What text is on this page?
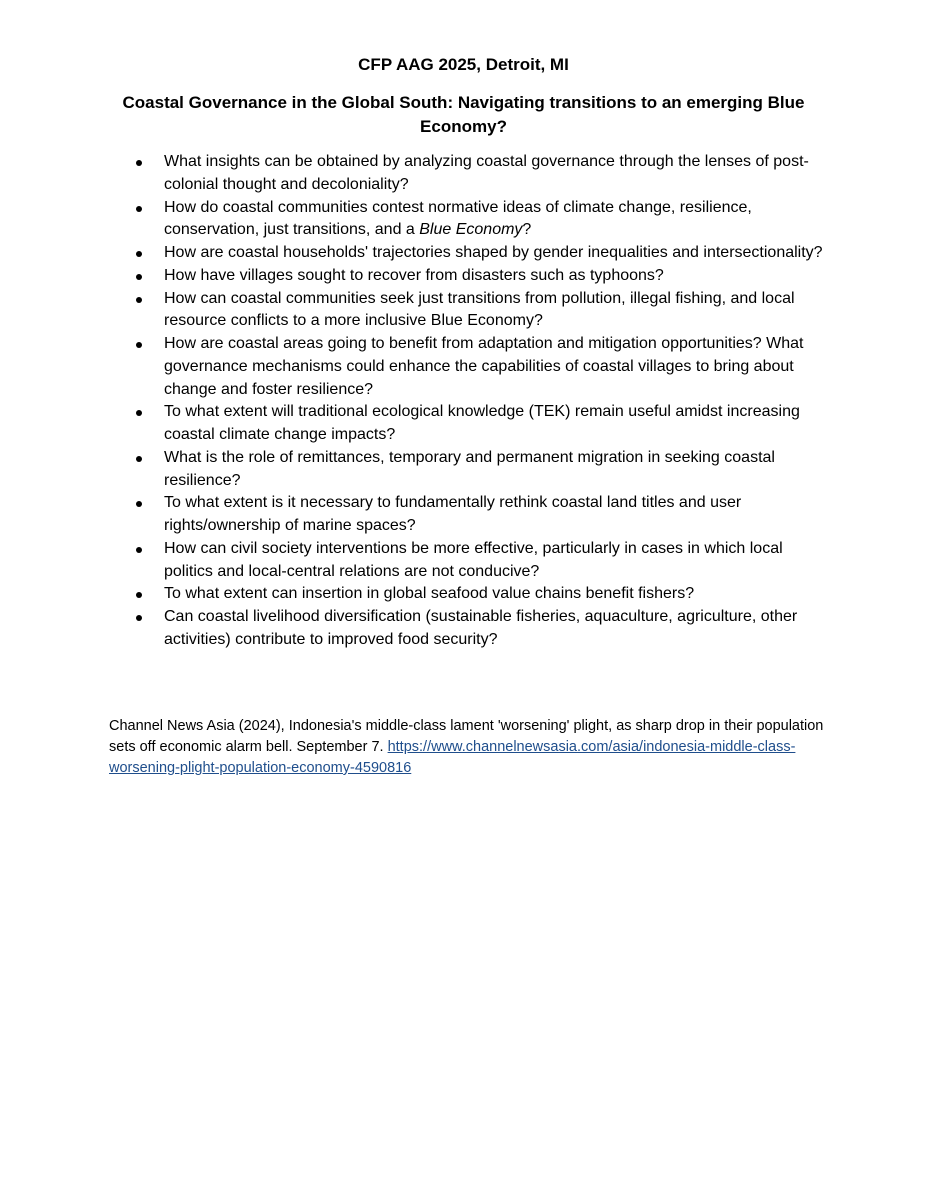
CFP AAG 2025, Detroit, MI
Coastal Governance in the Global South: Navigating transitions to an emerging Blue Economy?
What insights can be obtained by analyzing coastal governance through the lenses of post-colonial thought and decoloniality?
How do coastal communities contest normative ideas of climate change, resilience, conservation, just transitions, and a Blue Economy?
How are coastal households' trajectories shaped by gender inequalities and intersectionality?
How have villages sought to recover from disasters such as typhoons?
How can coastal communities seek just transitions from pollution, illegal fishing, and local resource conflicts to a more inclusive Blue Economy?
How are coastal areas going to benefit from adaptation and mitigation opportunities? What governance mechanisms could enhance the capabilities of coastal villages to bring about change and foster resilience?
To what extent will traditional ecological knowledge (TEK) remain useful amidst increasing coastal climate change impacts?
What is the role of remittances, temporary and permanent migration in seeking coastal resilience?
To what extent is it necessary to fundamentally rethink coastal land titles and user rights/ownership of marine spaces?
How can civil society interventions be more effective, particularly in cases in which local politics and local-central relations are not conducive?
To what extent can insertion in global seafood value chains benefit fishers?
Can coastal livelihood diversification (sustainable fisheries, aquaculture, agriculture, other activities) contribute to improved food security?

Channel News Asia (2024), Indonesia's middle-class lament 'worsening' plight, as sharp drop in their population sets off economic alarm bell. September 7. https://www.channelnewsasia.com/asia/indonesia-middle-class-worsening-plight-population-economy-4590816
